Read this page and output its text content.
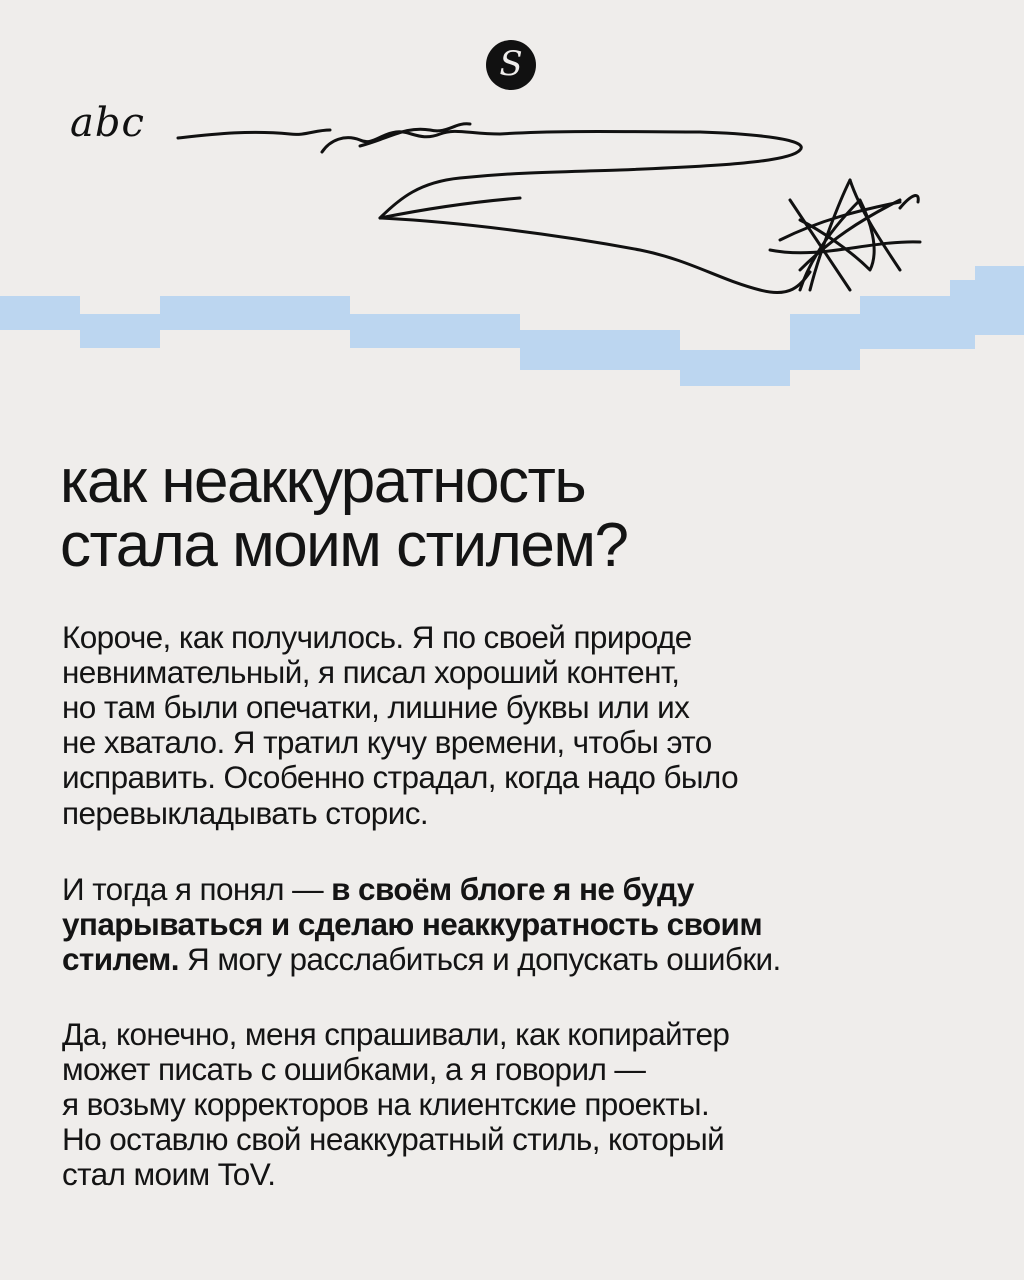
S
abc
как неаккуратность
стала моим стилем?
Короче, как получилось. Я по своей природе
невнимательный, я писал хороший контент,
но там были опечатки, лишние буквы или их
не хватало. Я тратил кучу времени, чтобы это
исправить. Особенно страдал, когда надо было
перевыкладывать сторис.
И тогда я понял — в своём блоге я не буду
упарываться и сделаю неаккуратность своим
стилем. Я могу расслабиться и допускать ошибки.
Да, конечно, меня спрашивали, как копирайтер
может писать с ошибками, а я говорил —
я возьму корректоров на клиентские проекты.
Но оставлю свой неаккуратный стиль, который
стал моим ToV.
